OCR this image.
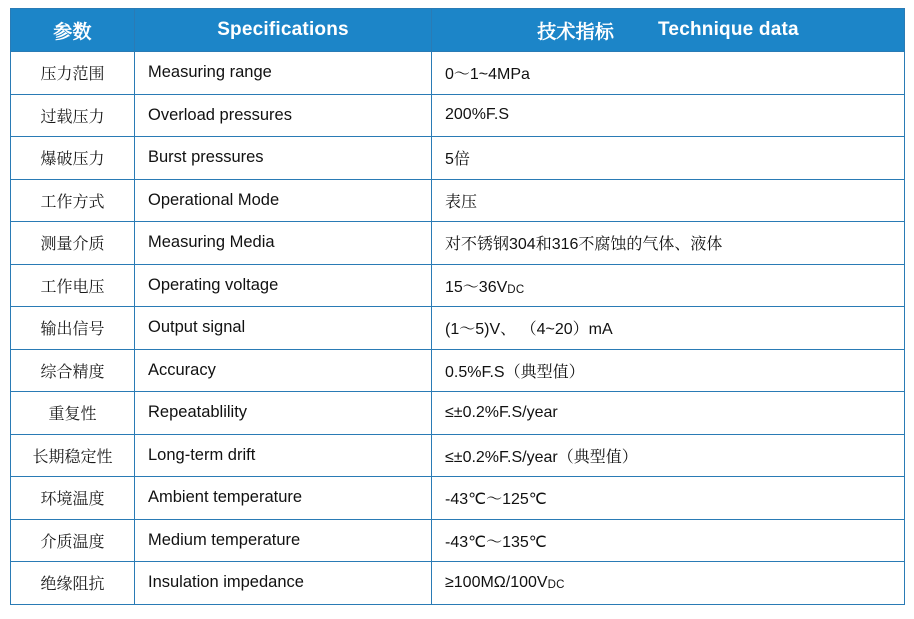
参数	Specifications	技术指标 Technique data

压力范围	Measuring range	0～1~4MPa
过载压力	Overload pressures	200%F.S
爆破压力	Burst pressures	5倍
工作方式	Operational Mode	表压
测量介质	Measuring Media	对不锈钢304和316不腐蚀的气体、液体
工作电压	Operating voltage	15～36VDC
输出信号	Output signal	(1～5)V、 （4~20）mA
综合精度	Accuracy	0.5%F.S（典型值）
重复性	Repeatablility	≤±0.2%F.S/year
长期稳定性	Long-term drift	≤±0.2%F.S/year（典型值）
环境温度	Ambient temperature	-43℃～125℃
介质温度	Medium temperature	-43℃～135℃
绝缘阻抗	Insulation impedance	≥100MΩ/100VDC
